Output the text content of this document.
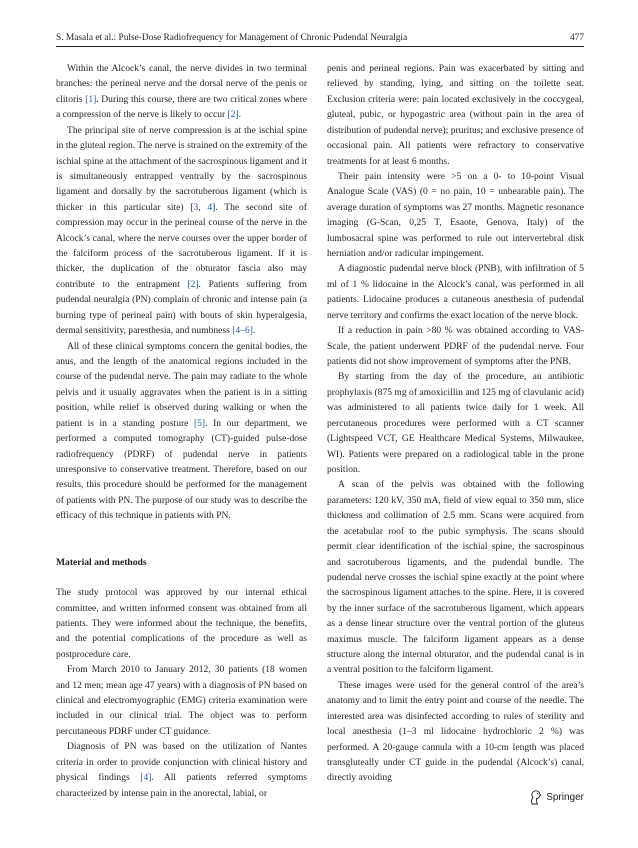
S. Masala et al.: Pulse-Dose Radiofrequency for Management of Chronic Pudendal Neuralgia	477

Within the Alcock’s canal, the nerve divides in two terminal branches: the perineal nerve and the dorsal nerve of the penis or clitoris [1]. During this course, there are two critical zones where a compression of the nerve is likely to occur [2].

The principal site of nerve compression is at the ischial spine in the gluteal region. The nerve is strained on the extremity of the ischial spine at the attachment of the sacrospinous ligament and it is simultaneously entrapped ventrally by the sacrospinous ligament and dorsally by the sacrotuberous ligament (which is thicker in this particular site) [3, 4]. The second site of compression may occur in the perineal course of the nerve in the Alcock’s canal, where the nerve courses over the upper border of the falciform process of the sacrotuberous ligament. If it is thicker, the duplication of the obturator fascia also may contribute to the entrapment [2]. Patients suffering from pudendal neuralgia (PN) complain of chronic and intense pain (a burning type of perineal pain) with bouts of skin hyperalgesia, dermal sensitivity, paresthesia, and numbness [4–6].

All of these clinical symptoms concern the genital bodies, the anus, and the length of the anatomical regions included in the course of the pudendal nerve. The pain may radiate to the whole pelvis and it usually aggravates when the patient is in a sitting position, while relief is observed during walking or when the patient is in a standing posture [5]. In our department, we performed a computed tomography (CT)-guided pulse-dose radiofrequency (PDRF) of pudendal nerve in patients unresponsive to conservative treatment. Therefore, based on our results, this procedure should be performed for the management of patients with PN. The purpose of our study was to describe the efficacy of this technique in patients with PN.

Material and methods

The study protocol was approved by our internal ethical committee, and written informed consent was obtained from all patients. They were informed about the technique, the benefits, and the potential complications of the procedure as well as postprocedure care.

From March 2010 to January 2012, 30 patients (18 women and 12 men; mean age 47 years) with a diagnosis of PN based on clinical and electromyographic (EMG) criteria examination were included in our clinical trial. The object was to perform percutaneous PDRF under CT guidance.

Diagnosis of PN was based on the utilization of Nantes criteria in order to provide conjunction with clinical history and physical findings [4]. All patients referred symptoms characterized by intense pain in the anorectal, labial, or

penis and perineal regions. Pain was exacerbated by sitting and relieved by standing, lying, and sitting on the toilette seat. Exclusion criteria were: pain located exclusively in the coccygeal, gluteal, pubic, or hypogastric area (without pain in the area of distribution of pudendal nerve); pruritus; and exclusive presence of occasional pain. All patients were refractory to conservative treatments for at least 6 months.

Their pain intensity were >5 on a 0- to 10-point Visual Analogue Scale (VAS) (0 = no pain, 10 = unbearable pain). The average duration of symptoms was 27 months. Magnetic resonance imaging (G-Scan, 0,25 T, Esaote, Genova, Italy) of the lumbosacral spine was performed to rule out intervertebral disk herniation and/or radicular impingement.

A diagnostic pudendal nerve block (PNB), with infiltration of 5 ml of 1 % lidocaine in the Alcock’s canal, was performed in all patients. Lidocaine produces a cutaneous anesthesia of pudendal nerve territory and confirms the exact location of the nerve block.

If a reduction in pain >80 % was obtained according to VAS-Scale, the patient underwent PDRF of the pudendal nerve. Four patients did not show improvement of symptoms after the PNB.

By starting from the day of the procedure, an antibiotic prophylaxis (875 mg of amoxicillin and 125 mg of clavulanic acid) was administered to all patients twice daily for 1 week. All percutaneous procedures were performed with a CT scanner (Lightspeed VCT, GE Healthcare Medical Systems, Milwaukee, WI). Patients were prepared on a radiological table in the prone position.

A scan of the pelvis was obtained with the following parameters: 120 kV, 350 mA, field of view equal to 350 mm, slice thickness and collimation of 2.5 mm. Scans were acquired from the acetabular roof to the pubic symphysis. The scans should permit clear identification of the ischial spine, the sacrospinous and sacrotuberous ligaments, and the pudendal bundle. The pudendal nerve crosses the ischial spine exactly at the point where the sacrospinous ligament attaches to the spine. Here, it is covered by the inner surface of the sacrotuberous ligament, which appears as a dense linear structure over the ventral portion of the gluteus maximus muscle. The falciform ligament appears as a dense structure along the internal obturator, and the pudendal canal is in a ventral position to the falciform ligament.

These images were used for the general control of the area’s anatomy and to limit the entry point and course of the needle. The interested area was disinfected according to rules of sterility and local anesthesia (1–3 ml lidocaine hydrochloric 2 %) was performed. A 20-gauge cannula with a 10-cm length was placed transgluteally under CT guide in the pudendal (Alcock’s) canal, directly avoiding

Springer
